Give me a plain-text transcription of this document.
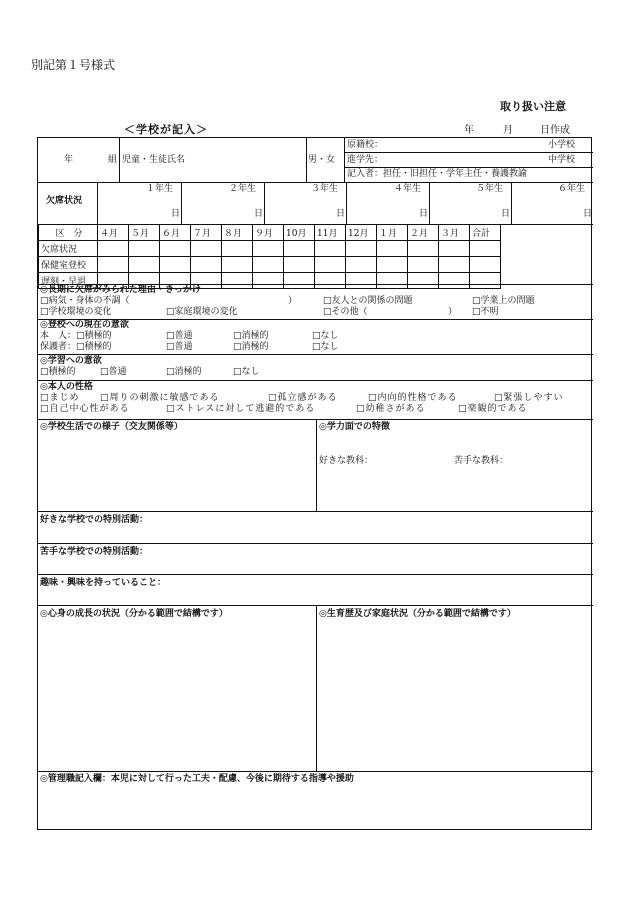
別記第１号様式
取り扱い注意
＜学校が記入＞	年	月	日作成
年	組 児童・生徒氏名	男・女
原籍校：	小学校
進学先：	中学校
記入者：担任・旧担任・学年主任・養護教諭
欠席状況
１年生	２年生	３年生	４年生	５年生	６年生
日	日	日	日	日	日
区　分	４月	５月	６月	７月	８月	９月	10月	11月	12月	１月	２月	３月	合計
欠席状況													
保健室登校													
遅刻・早退													
◎長期に欠席がみられた理由・きっかけ
□病気・身体の不調（	）	□友人との関係の問題	□学業上の問題
□学校環境の変化	□家庭環境の変化	□その他（	） □不明
◎登校への現在の意欲
本　人：□積極的	□普通	□消極的	□なし
保護者：□積極的	□普通	□消極的	□なし
◎学習への意欲
□積極的	□普通	□消極的	□なし
◎本人の性格
□まじめ □周りの刺激に敏感である	□孤立感がある	□内向的性格である	□緊張しやすい
□自己中心性がある	□ストレスに対して逃避的である	□幼稚さがある	□楽観的である
◎学校生活での様子（交友関係等）	◎学力面での特徴
好きな教科：	苦手な教科：
好きな学校での特別活動：
苦手な学校での特別活動：
趣味・興味を持っていること：
◎心身の成長の状況（分かる範囲で結構です）	◎生育歴及び家庭状況（分かる範囲で結構です）
◎管理職記入欄：本児に対して行った工夫・配慮、今後に期待する指導や援助
